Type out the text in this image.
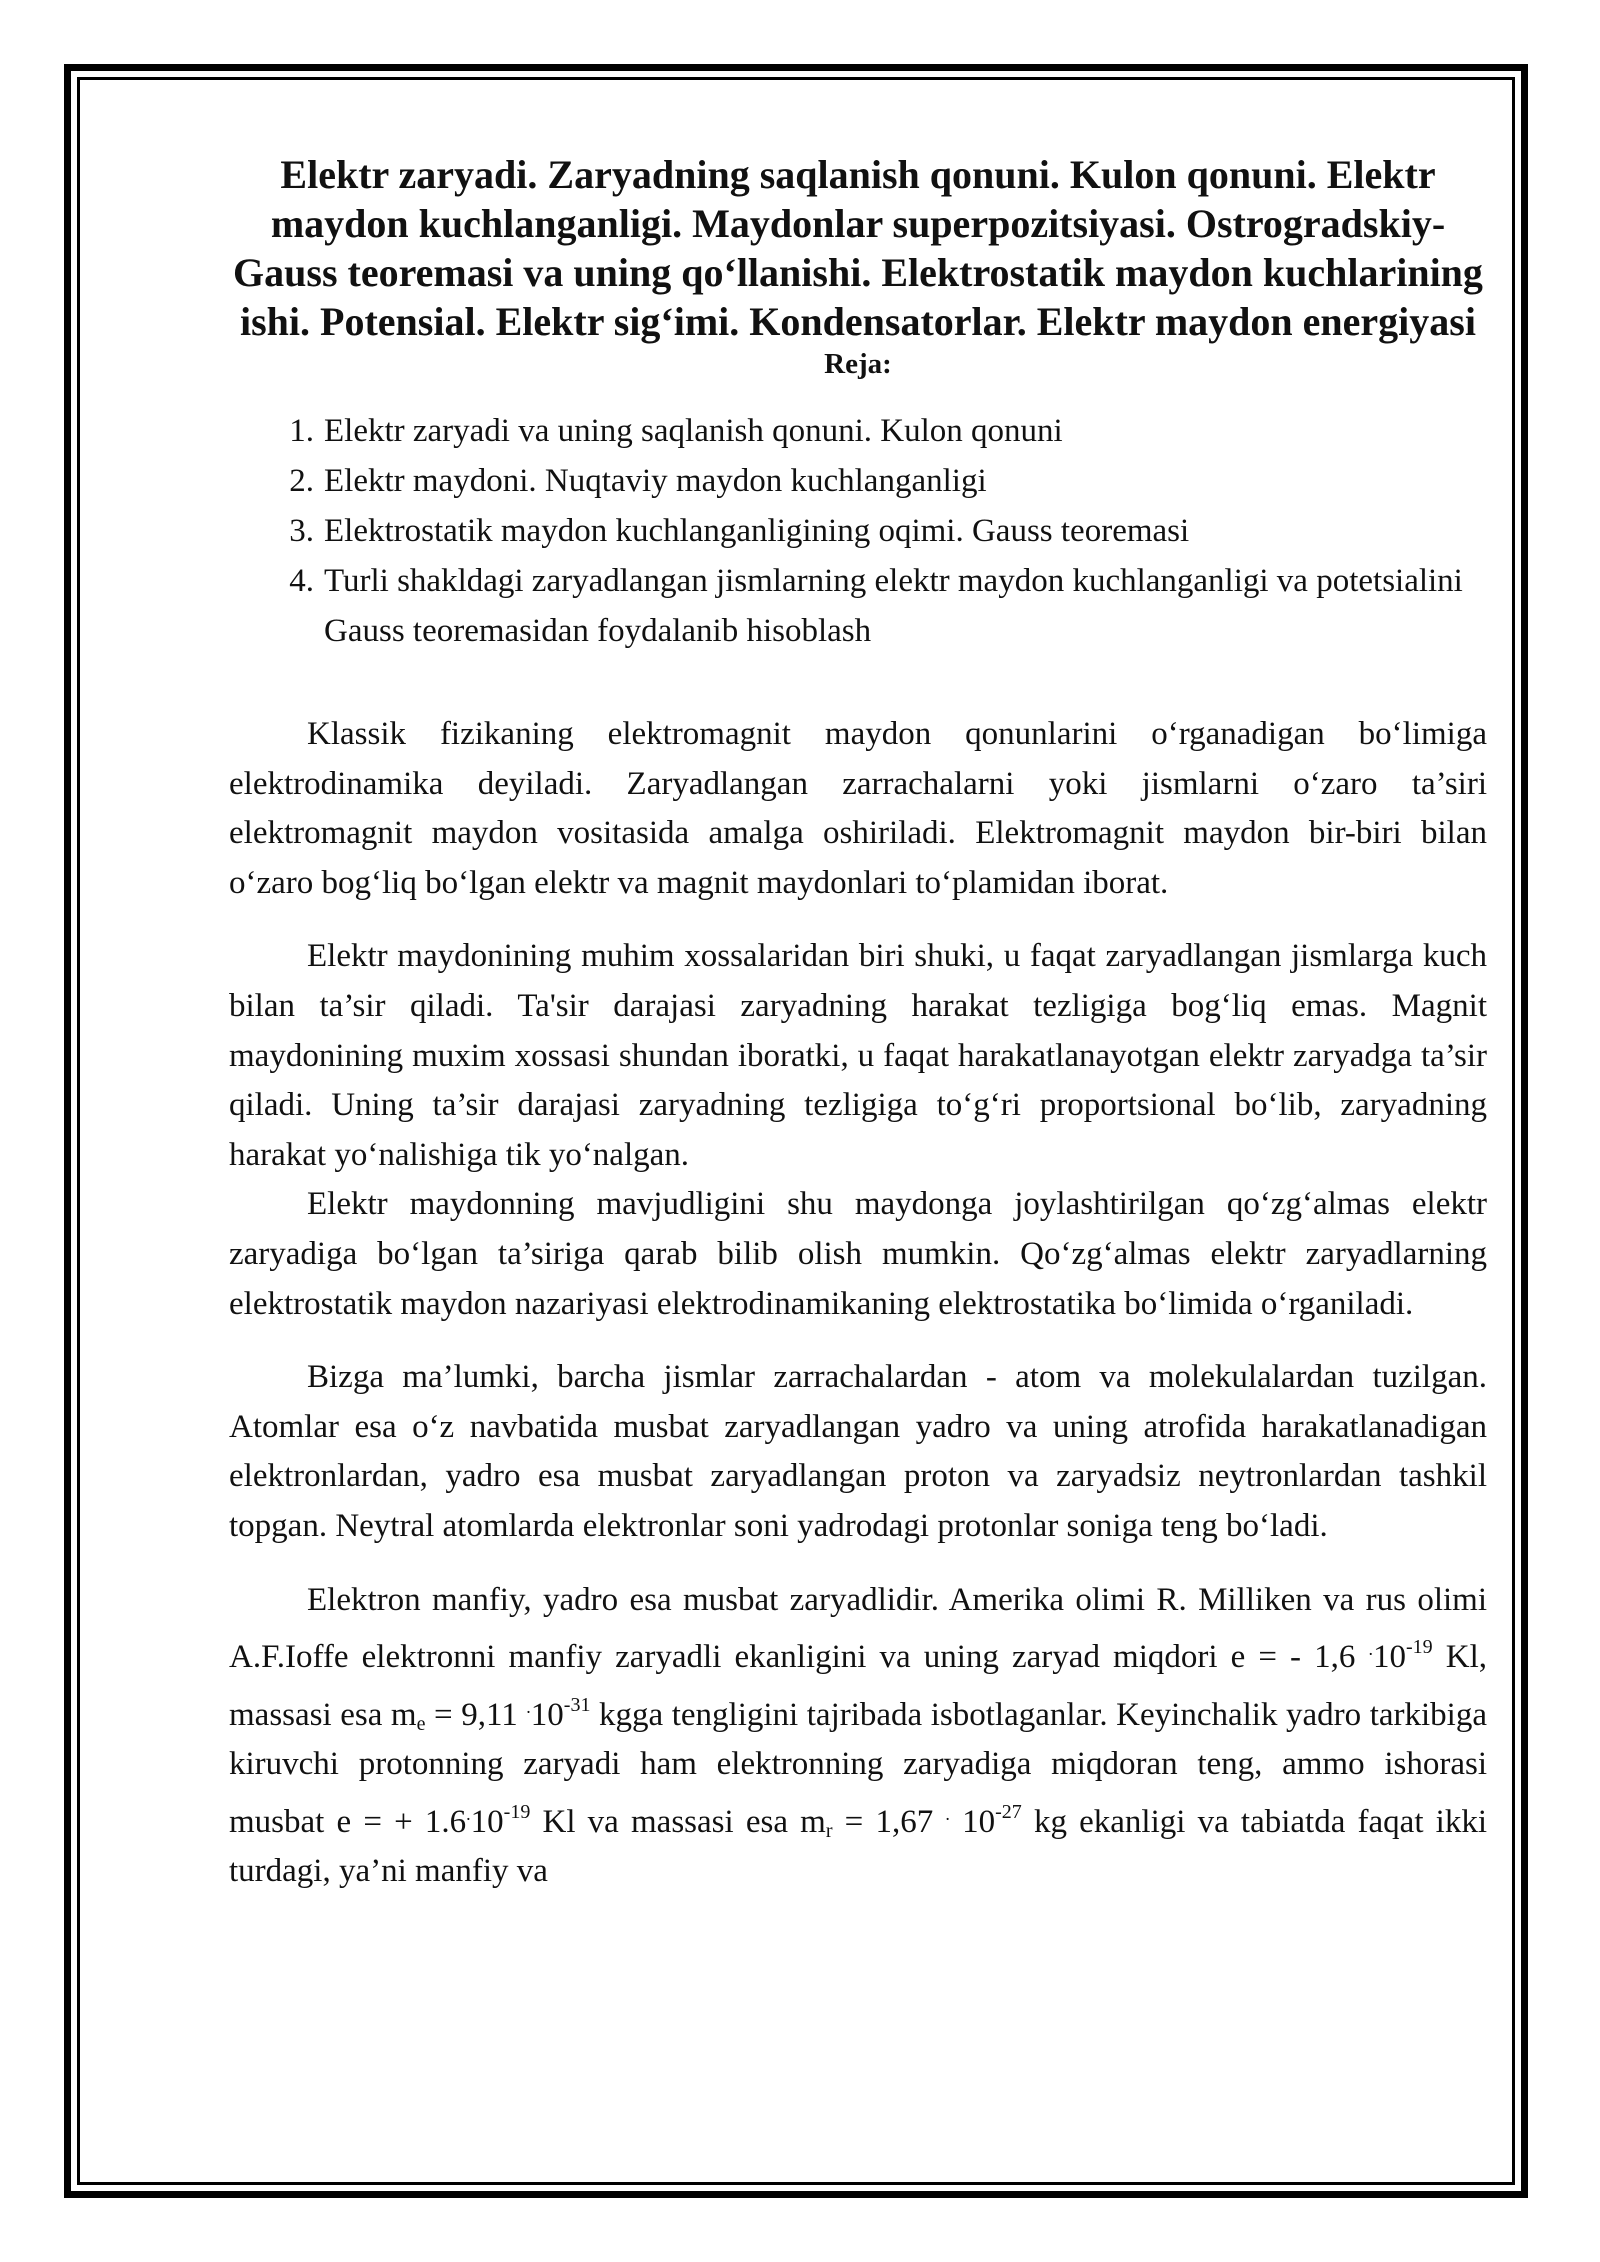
Elektr zaryadi. Zaryadning saqlanish qonuni. Kulon qonuni. Elektr maydon kuchlanganligi. Maydonlar superpozitsiyasi. Ostrogradskiy-Gauss teoremasi va uning qo‘llanishi. Elektrostatik maydon kuchlarining ishi. Potensial. Elektr sig‘imi. Kondensatorlar. Elektr maydon energiyasi
Reja:
1. Elektr zaryadi va uning saqlanish qonuni. Kulon qonuni
2. Elektr maydoni. Nuqtaviy maydon kuchlanganligi
3. Elektrostatik maydon kuchlanganligining oqimi. Gauss teoremasi
4. Turli shakldagi zaryadlangan jismlarning elektr maydon kuchlanganligi va potetsialini Gauss teoremasidan foydalanib hisoblash

Klassik fizikaning elektromagnit maydon qonunlarini o‘rganadigan bo‘limiga elektrodinamika deyiladi. Zaryadlangan zarrachalarni yoki jismlarni o‘zaro ta’siri elektromagnit maydon vositasida amalga oshiriladi. Elektromagnit maydon bir-biri bilan o‘zaro bog‘liq bo‘lgan elektr va magnit maydonlari to‘plamidan iborat.

Elektr maydonining muhim xossalaridan biri shuki, u faqat zaryadlangan jismlarga kuch bilan ta’sir qiladi. Ta'sir darajasi zaryadning harakat tezligiga bog‘liq emas. Magnit maydonining muxim xossasi shundan iboratki, u faqat harakatlanayotgan elektr zaryadga ta’sir qiladi. Uning ta’sir darajasi zaryadning tezligiga to‘g‘ri proportsional bo‘lib, zaryadning harakat yo‘nalishiga tik yo‘nalgan.

Elektr maydonning mavjudligini shu maydonga joylashtirilgan qo‘zg‘almas elektr zaryadiga bo‘lgan ta’siriga qarab bilib olish mumkin. Qo‘zg‘almas elektr zaryadlarning elektrostatik maydon nazariyasi elektrodinamikaning elektrostatika bo‘limida o‘rganiladi.

Bizga ma’lumki, barcha jismlar zarrachalardan - atom va molekulalardan tuzilgan. Atomlar esa o‘z navbatida musbat zaryadlangan yadro va uning atrofida harakatlanadigan elektronlardan, yadro esa musbat zaryadlangan proton va zaryadsiz neytronlardan tashkil topgan. Neytral atomlarda elektronlar soni yadrodagi protonlar soniga teng bo‘ladi.

Elektron manfiy, yadro esa musbat zaryadlidir. Amerika olimi R. Milliken va rus olimi A.F.Ioffe elektronni manfiy zaryadli ekanligini va uning zaryad miqdori e = - 1,6 $^.10^{-19}$ Kl, massasi esa $m_e = 9,11$ $^.10^{-31}$ kgga tengligini tajribada isbotlaganlar. Keyinchalik yadro tarkibiga kiruvchi protonning zaryadi ham elektronning zaryadiga miqdoran teng, ammo ishorasi musbat e = + $1.6^.10^{-19}$ Kl va massasi esa $m_r = 1,67$ . $10^{-27}$ kg ekanligi va tabiatda faqat ikki turdagi, ya’ni manfiy va
